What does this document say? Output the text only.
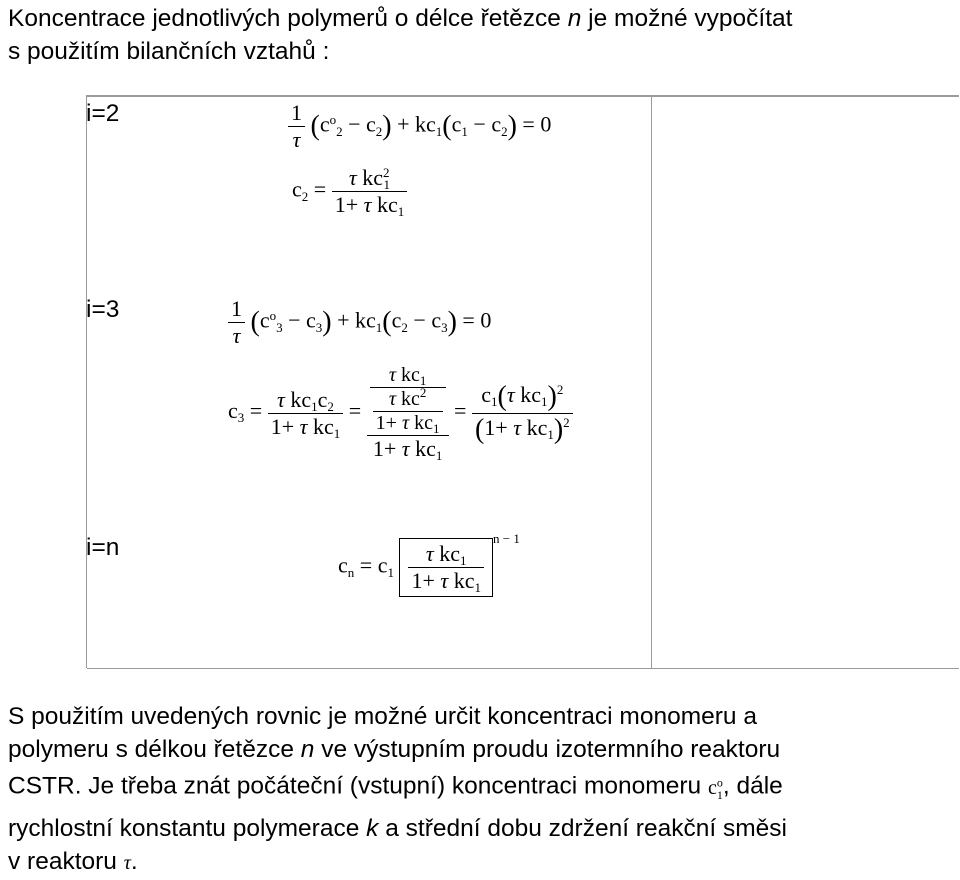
Koncentrace jednotlivých polymerů o délce řetězce n je možné vypočítat
s použitím bilančních vztahů :
i=2
i=3
i=n
$\frac{1}{\tau} (c^o_2 - c_2) + kc_1(c_1 - c_2) = 0$
$c_2 = \frac{\tau kc^2_1}{1+ \tau kc_1}$
$\frac{1}{\tau} (c^o_3 - c_3) + kc_1(c_2 - c_3) = 0$
$c_3 = \frac{\tau kc_1c_2}{1+ \tau kc_1} = \frac{\frac{\tau kc_1}{\frac{\tau kc^2}{1+ \tau kc_1}}}{1+ \tau kc_1} = \frac{c_1(\tau kc_1)^2}{(1+ \tau kc_1)^2}$
$c_n = c_1 \frac{\tau kc_1}{1+ \tau kc_1}$
$^{n - 1}$
S použitím uvedených rovnic je možné určit koncentraci monomeru a
polymeru s délkou řetězce n ve výstupním proudu izotermního reaktoru
CSTR. Je třeba znát počáteční (vstupní) koncentraci monomeru $c^o_1$, dále
rychlostní konstantu polymerace k a střední dobu zdržení reakční směsi
v reaktoru τ.
